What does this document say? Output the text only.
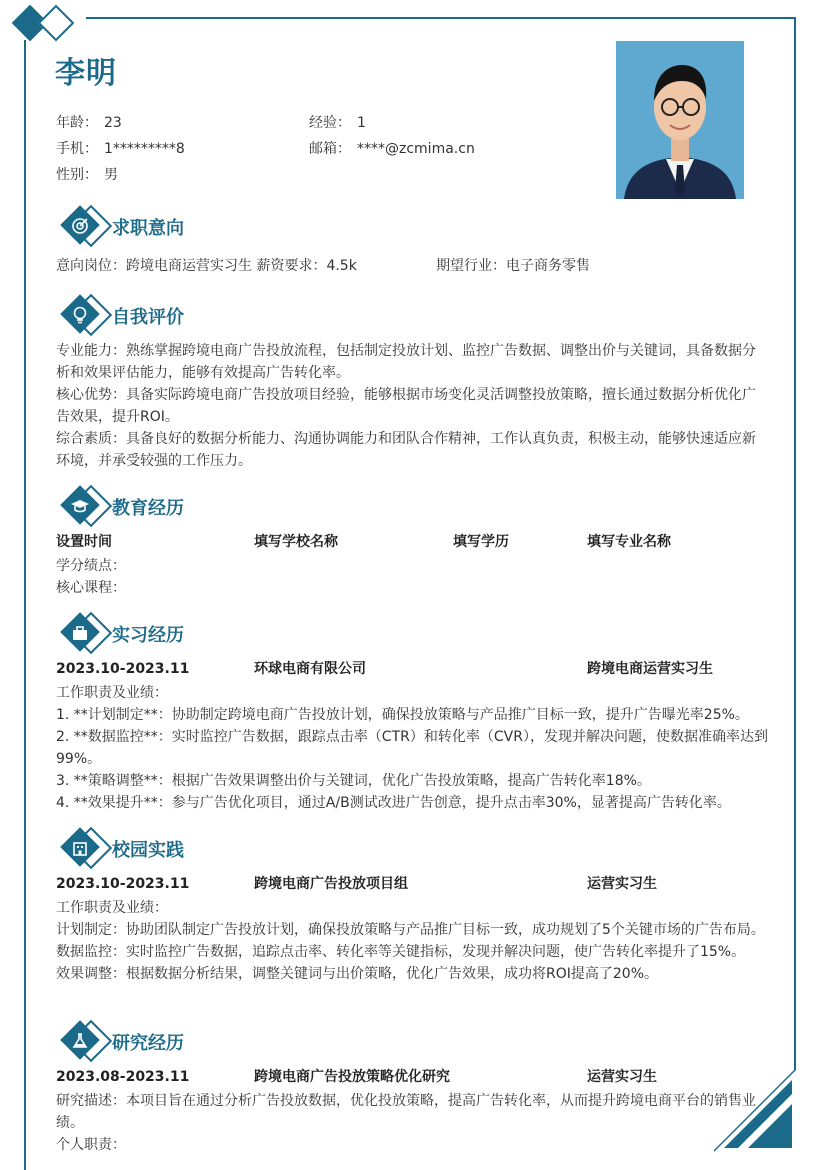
李明
年龄： 23	经验： 1
手机： 1*********8	邮箱： ****@zcmima.cn
性别： 男
求职意向
意向岗位：跨境电商运营实习生 薪资要求：4.5k	期望行业：电子商务零售
自我评价
专业能力：熟练掌握跨境电商广告投放流程，包括制定投放计划、监控广告数据、调整出价与关键词，具备数据分析和效果评估能力，能够有效提高广告转化率。
核心优势：具备实际跨境电商广告投放项目经验，能够根据市场变化灵活调整投放策略，擅长通过数据分析优化广告效果，提升ROI。
综合素质：具备良好的数据分析能力、沟通协调能力和团队合作精神，工作认真负责，积极主动，能够快速适应新环境，并承受较强的工作压力。
教育经历
设置时间	填写学校名称	填写学历	填写专业名称
学分绩点：
核心课程：
实习经历
2023.10-2023.11	环球电商有限公司	跨境电商运营实习生
工作职责及业绩：
1. **计划制定**：协助制定跨境电商广告投放计划，确保投放策略与产品推广目标一致，提升广告曝光率25%。
2. **数据监控**：实时监控广告数据，跟踪点击率（CTR）和转化率（CVR），发现并解决问题，使数据准确率达到99%。
3. **策略调整**：根据广告效果调整出价与关键词，优化广告投放策略，提高广告转化率18%。
4. **效果提升**：参与广告优化项目，通过A/B测试改进广告创意，提升点击率30%，显著提高广告转化率。
校园实践
2023.10-2023.11	跨境电商广告投放项目组	运营实习生
工作职责及业绩：
计划制定：协助团队制定广告投放计划，确保投放策略与产品推广目标一致，成功规划了5个关键市场的广告布局。
数据监控：实时监控广告数据，追踪点击率、转化率等关键指标，发现并解决问题，使广告转化率提升了15%。
效果调整：根据数据分析结果，调整关键词与出价策略，优化广告效果，成功将ROI提高了20%。
研究经历
2023.08-2023.11	跨境电商广告投放策略优化研究	运营实习生
研究描述：本项目旨在通过分析广告投放数据，优化投放策略，提高广告转化率，从而提升跨境电商平台的销售业绩。
个人职责：
